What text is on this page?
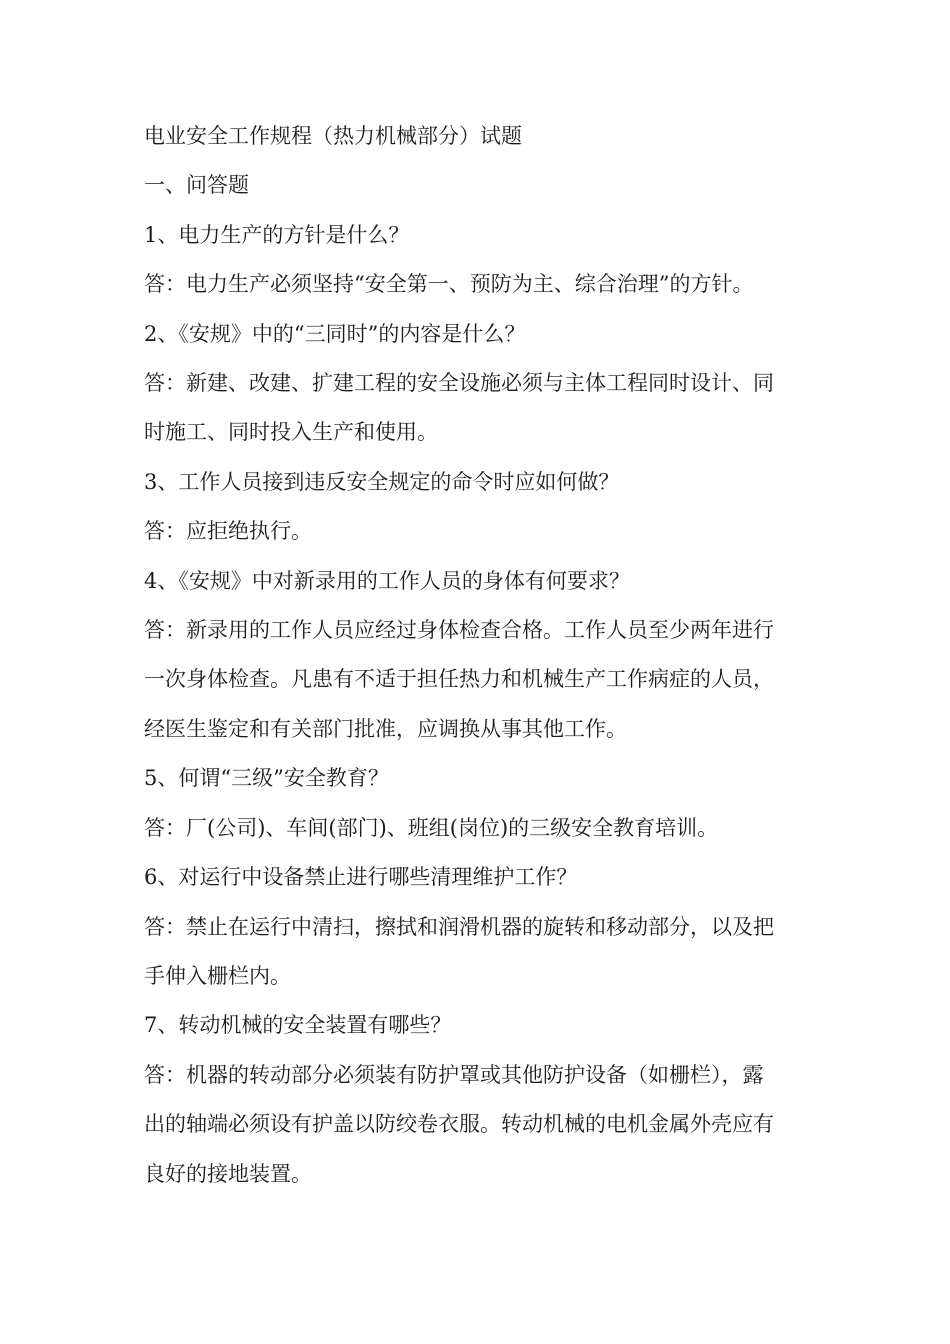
电业安全工作规程（热力机械部分）试题

一、问答题

1、电力生产的方针是什么？

答：电力生产必须坚持“安全第一、预防为主、综合治理”的方针。

2、《安规》中的“三同时”的内容是什么？

答：新建、改建、扩建工程的安全设施必须与主体工程同时设计、同

时施工、同时投入生产和使用。

3、工作人员接到违反安全规定的命令时应如何做？

答：应拒绝执行。

4、《安规》中对新录用的工作人员的身体有何要求？

答：新录用的工作人员应经过身体检查合格。工作人员至少两年进行

一次身体检查。凡患有不适于担任热力和机械生产工作病症的人员，

经医生鉴定和有关部门批准，应调换从事其他工作。

5、何谓“三级”安全教育？

答：厂(公司)、车间(部门)、班组(岗位)的三级安全教育培训。

6、对运行中设备禁止进行哪些清理维护工作？

答：禁止在运行中清扫，擦拭和润滑机器的旋转和移动部分，以及把

手伸入栅栏内。

7、转动机械的安全装置有哪些？

答：机器的转动部分必须装有防护罩或其他防护设备（如栅栏），露

出的轴端必须设有护盖以防绞卷衣服。转动机械的电机金属外壳应有

良好的接地装置。
